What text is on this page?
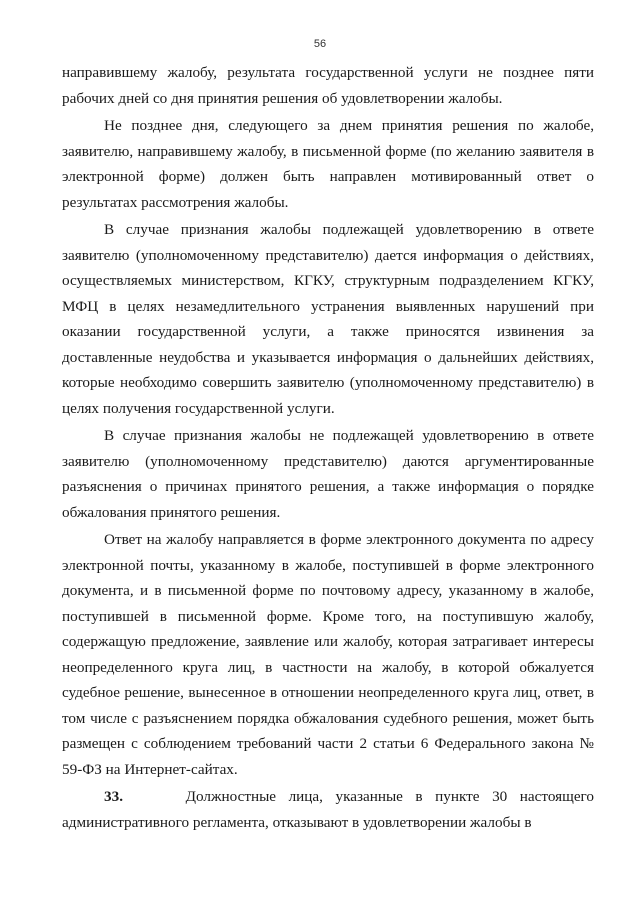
56

направившему жалобу, результата государственной услуги не позднее пяти рабочих дней со дня принятия решения об удовлетворении жалобы.

Не позднее дня, следующего за днем принятия решения по жалобе, заявителю, направившему жалобу, в письменной форме (по желанию заявителя в электронной форме) должен быть направлен мотивированный ответ о результатах рассмотрения жалобы.

В случае признания жалобы подлежащей удовлетворению в ответе заявителю (уполномоченному представителю) дается информация о действиях, осуществляемых министерством, КГКУ, структурным подразделением КГКУ, МФЦ в целях незамедлительного устранения выявленных нарушений при оказании государственной услуги, а также приносятся извинения за доставленные неудобства и указывается информация о дальнейших действиях, которые необходимо совершить заявителю (уполномоченному представителю) в целях получения государственной услуги.

В случае признания жалобы не подлежащей удовлетворению в ответе заявителю (уполномоченному представителю) даются аргументированные разъяснения о причинах принятого решения, а также информация о порядке обжалования принятого решения.

Ответ на жалобу направляется в форме электронного документа по адресу электронной почты, указанному в жалобе, поступившей в форме электронного документа, и в письменной форме по почтовому адресу, указанному в жалобе, поступившей в письменной форме. Кроме того, на поступившую жалобу, содержащую предложение, заявление или жалобу, которая затрагивает интересы неопределенного круга лиц, в частности на жалобу, в которой обжалуется судебное решение, вынесенное в отношении неопределенного круга лиц, ответ, в том числе с разъяснением порядка обжалования судебного решения, может быть размещен с соблюдением требований части 2 статьи 6 Федерального закона № 59-ФЗ на Интернет-сайтах.

33.	Должностные лица, указанные в пункте 30 настоящего административного регламента, отказывают в удовлетворении жалобы в
